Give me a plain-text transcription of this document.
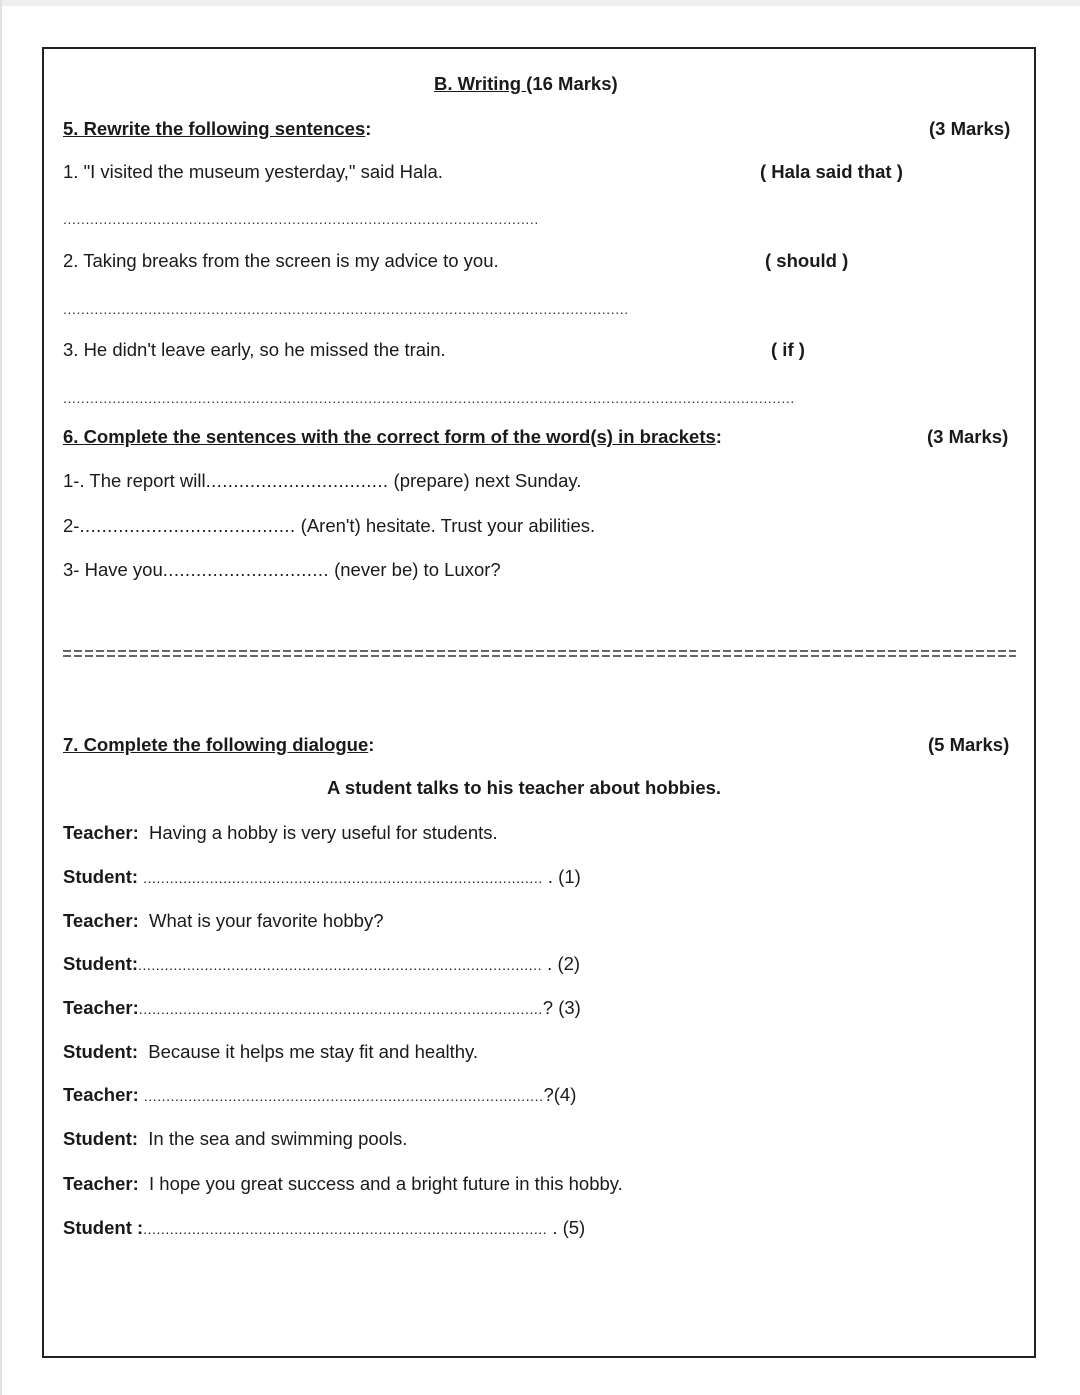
B. Writing (16 Marks)
5. Rewrite the following sentences:	(3 Marks)
1. "I visited the museum yesterday," said Hala.	( Hala said that )
..........................................................................................................
2. Taking breaks from the screen is my advice to you.	( should )
..............................................................................................................................
3. He didn't leave early, so he missed the train.	( if )
...................................................................................................................................................................
6. Complete the sentences with the correct form of the word(s) in brackets:	(3 Marks)
1-. The report will................................. (prepare) next Sunday.
2-....................................... (Aren't) hesitate. Trust your abilities.
3- Have you.............................. (never be) to Luxor?
7. Complete the following dialogue:	(5 Marks)
A student talks to his teacher about hobbies.
Teacher: Having a hobby is very useful for students.
Student: .......................................................................................... . (1)
Teacher: What is your favorite hobby?
Student:........................................................................................... . (2)
Teacher:...........................................................................................? (3)
Student: Because it helps me stay fit and healthy.
Teacher: ..........................................................................................?(4)
Student: In the sea and swimming pools.
Teacher: I hope you great success and a bright future in this hobby.
Student :........................................................................................... . (5)
